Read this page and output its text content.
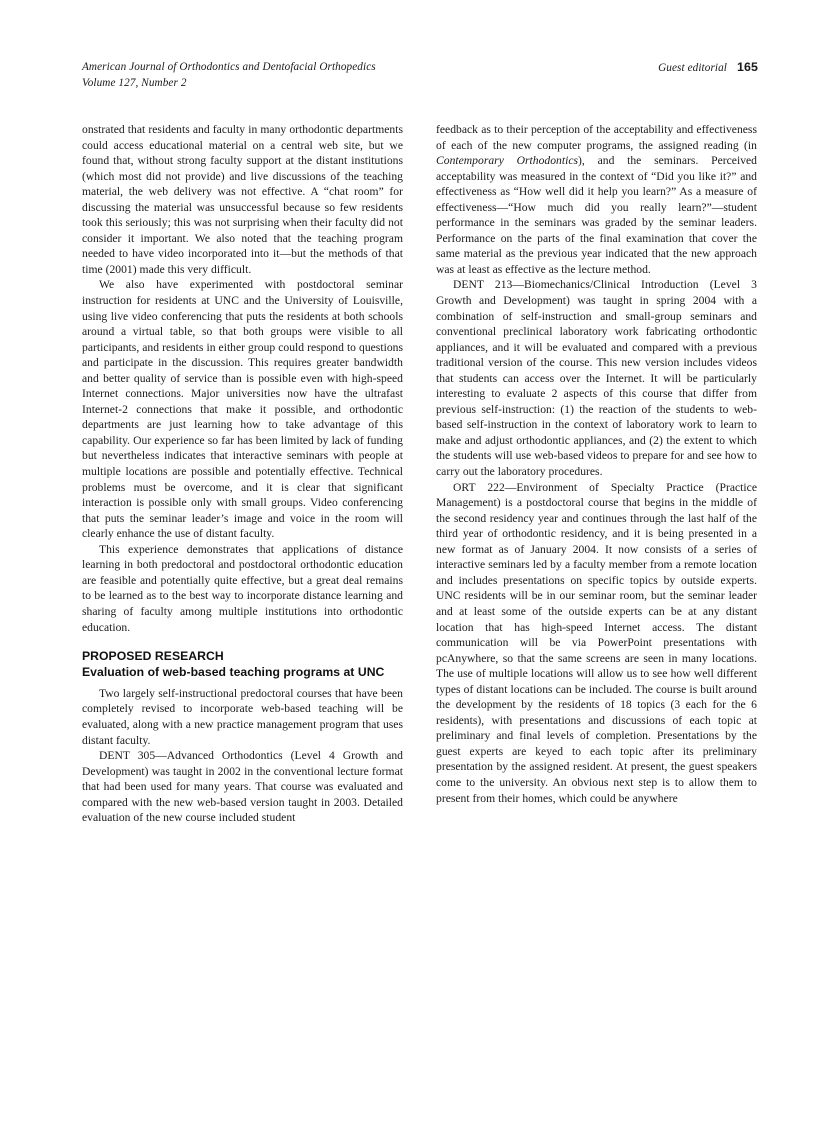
American Journal of Orthodontics and Dentofacial Orthopedics
Volume 127, Number 2
Guest editorial 165

onstrated that residents and faculty in many orthodontic departments could access educational material on a central web site, but we found that, without strong faculty support at the distant institutions (which most did not provide) and live discussions of the teaching material, the web delivery was not effective. A “chat room” for discussing the material was unsuccessful because so few residents took this seriously; this was not surprising when their faculty did not consider it important. We also noted that the teaching program needed to have video incorporated into it—but the methods of that time (2001) made this very difficult.

We also have experimented with postdoctoral seminar instruction for residents at UNC and the University of Louisville, using live video conferencing that puts the residents at both schools around a virtual table, so that both groups were visible to all participants, and residents in either group could respond to questions and participate in the discussion. This requires greater bandwidth and better quality of service than is possible even with high-speed Internet connections. Major universities now have the ultrafast Internet-2 connections that make it possible, and orthodontic departments are just learning how to take advantage of this capability. Our experience so far has been limited by lack of funding but nevertheless indicates that interactive seminars with people at multiple locations are possible and potentially effective. Technical problems must be overcome, and it is clear that significant interaction is possible only with small groups. Video conferencing that puts the seminar leader’s image and voice in the room will clearly enhance the use of distant faculty.

This experience demonstrates that applications of distance learning in both predoctoral and postdoctoral orthodontic education are feasible and potentially quite effective, but a great deal remains to be learned as to the best way to incorporate distance learning and sharing of faculty among multiple institutions into orthodontic education.

PROPOSED RESEARCH
Evaluation of web-based teaching programs at UNC

Two largely self-instructional predoctoral courses that have been completely revised to incorporate web-based teaching will be evaluated, along with a new practice management program that uses distant faculty.

DENT 305—Advanced Orthodontics (Level 4 Growth and Development) was taught in 2002 in the conventional lecture format that had been used for many years. That course was evaluated and compared with the new web-based version taught in 2003. Detailed evaluation of the new course included student

feedback as to their perception of the acceptability and effectiveness of each of the new computer programs, the assigned reading (in Contemporary Orthodontics), and the seminars. Perceived acceptability was measured in the context of “Did you like it?” and effectiveness as “How well did it help you learn?” As a measure of effectiveness—“How much did you really learn?”—student performance in the seminars was graded by the seminar leaders. Performance on the parts of the final examination that cover the same material as the previous year indicated that the new approach was at least as effective as the lecture method.

DENT 213—Biomechanics/Clinical Introduction (Level 3 Growth and Development) was taught in spring 2004 with a combination of self-instruction and small-group seminars and conventional preclinical laboratory work fabricating orthodontic appliances, and it will be evaluated and compared with a previous traditional version of the course. This new version includes videos that students can access over the Internet. It will be particularly interesting to evaluate 2 aspects of this course that differ from previous self-instruction: (1) the reaction of the students to web-based self-instruction in the context of laboratory work to learn to make and adjust orthodontic appliances, and (2) the extent to which the students will use web-based videos to prepare for and see how to carry out the laboratory procedures.

ORT 222—Environment of Specialty Practice (Practice Management) is a postdoctoral course that begins in the middle of the second residency year and continues through the last half of the third year of orthodontic residency, and it is being presented in a new format as of January 2004. It now consists of a series of interactive seminars led by a faculty member from a remote location and includes presentations on specific topics by outside experts. UNC residents will be in our seminar room, but the seminar leader and at least some of the outside experts can be at any distant location that has high-speed Internet access. The distant communication will be via PowerPoint presentations with pcAnywhere, so that the same screens are seen in many locations. The use of multiple locations will allow us to see how well different types of distant locations can be included. The course is built around the development by the residents of 18 topics (3 each for the 6 residents), with presentations and discussions of each topic at preliminary and final levels of completion. Presentations by the guest experts are keyed to each topic after its preliminary presentation by the assigned resident. At present, the guest speakers come to the university. An obvious next step is to allow them to present from their homes, which could be anywhere
